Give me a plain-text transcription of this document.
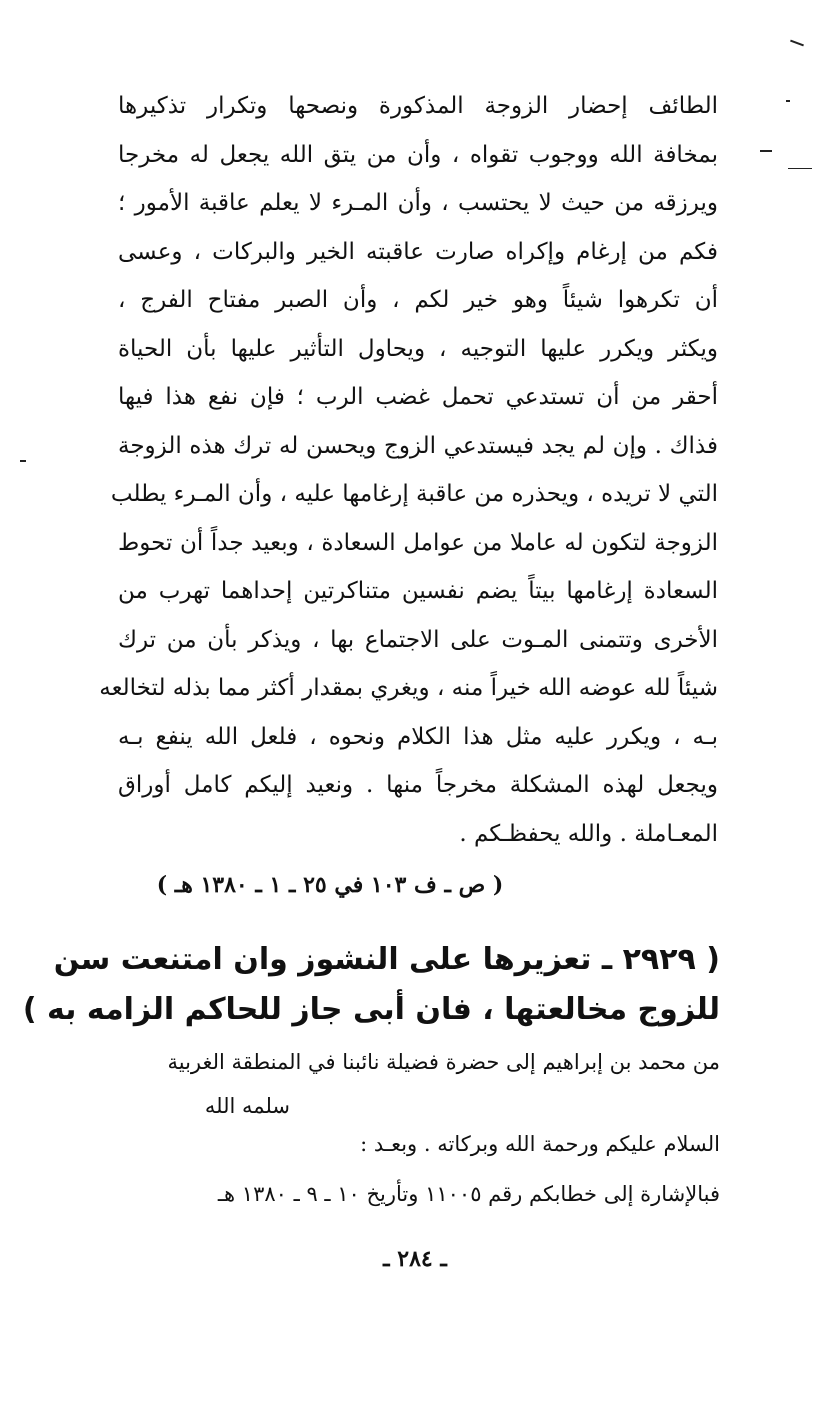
الطائف إحضار الزوجة المذكورة ونصحها وتكرار تذكيرها
بمخافة الله ووجوب تقواه ، وأن من يتق الله يجعل له مخرجا
ويرزقه من حيث لا يحتسب ، وأن المـرء لا يعلم عاقبة الأمور ؛
فكم من إرغام وإكراه صارت عاقبته الخير والبركات ، وعسى
أن تكرهوا شيئاً وهو خير لكم ، وأن الصبر مفتاح الفرج ،
ويكثر ويكرر عليها التوجيه ، ويحاول التأثير عليها بأن الحياة
أحقر من أن تستدعي تحمل غضب الرب ؛ فإن نفع هذا فيها
فذاك . وإن لم يجد فيستدعي الزوج ويحسن له ترك هذه الزوجة
التي لا تريده ، ويحذره من عاقبة إرغامها عليه ، وأن المـرء يطلب
الزوجة لتكون له عاملا من عوامل السعادة ، وبعيد جداً أن تحوط
السعادة إرغامها بيتاً يضم نفسين متناكرتين إحداهما تهرب من
الأخرى وتتمنى المـوت على الاجتماع بها ، ويذكر بأن من ترك
شيئاً لله عوضه الله خيراً منه ، ويغري بمقدار أكثر مما بذله لتخالعه
بـه ، ويكرر عليه مثل هذا الكلام ونحوه ، فلعل الله ينفع بـه
ويجعل لهذه المشكلة مخرجاً منها . ونعيد إليكم كامل أوراق
المعـاملة . والله يحفظـكم .
( ص ـ ف ١٠٣ في ٢٥ ـ ١ ـ ١٣٨٠ هـ )
( ٢٩٢٩ ـ تعزيرها على النشوز وان امتنعت سن
للزوج مخالعتها ، فان أبى جاز للحاكم الزامه به )
من محمد بن إبراهيم إلى حضرة فضيلة نائبنا في المنطقة الغربية
سلمه الله
السلام عليكم ورحمة الله وبركاته . وبعـد :
فبالإشارة إلى خطابكم رقم ١١٠٠٥ وتأريخ ١٠ ـ ٩ ـ ١٣٨٠ هـ
ـ ٢٨٤ ـ
